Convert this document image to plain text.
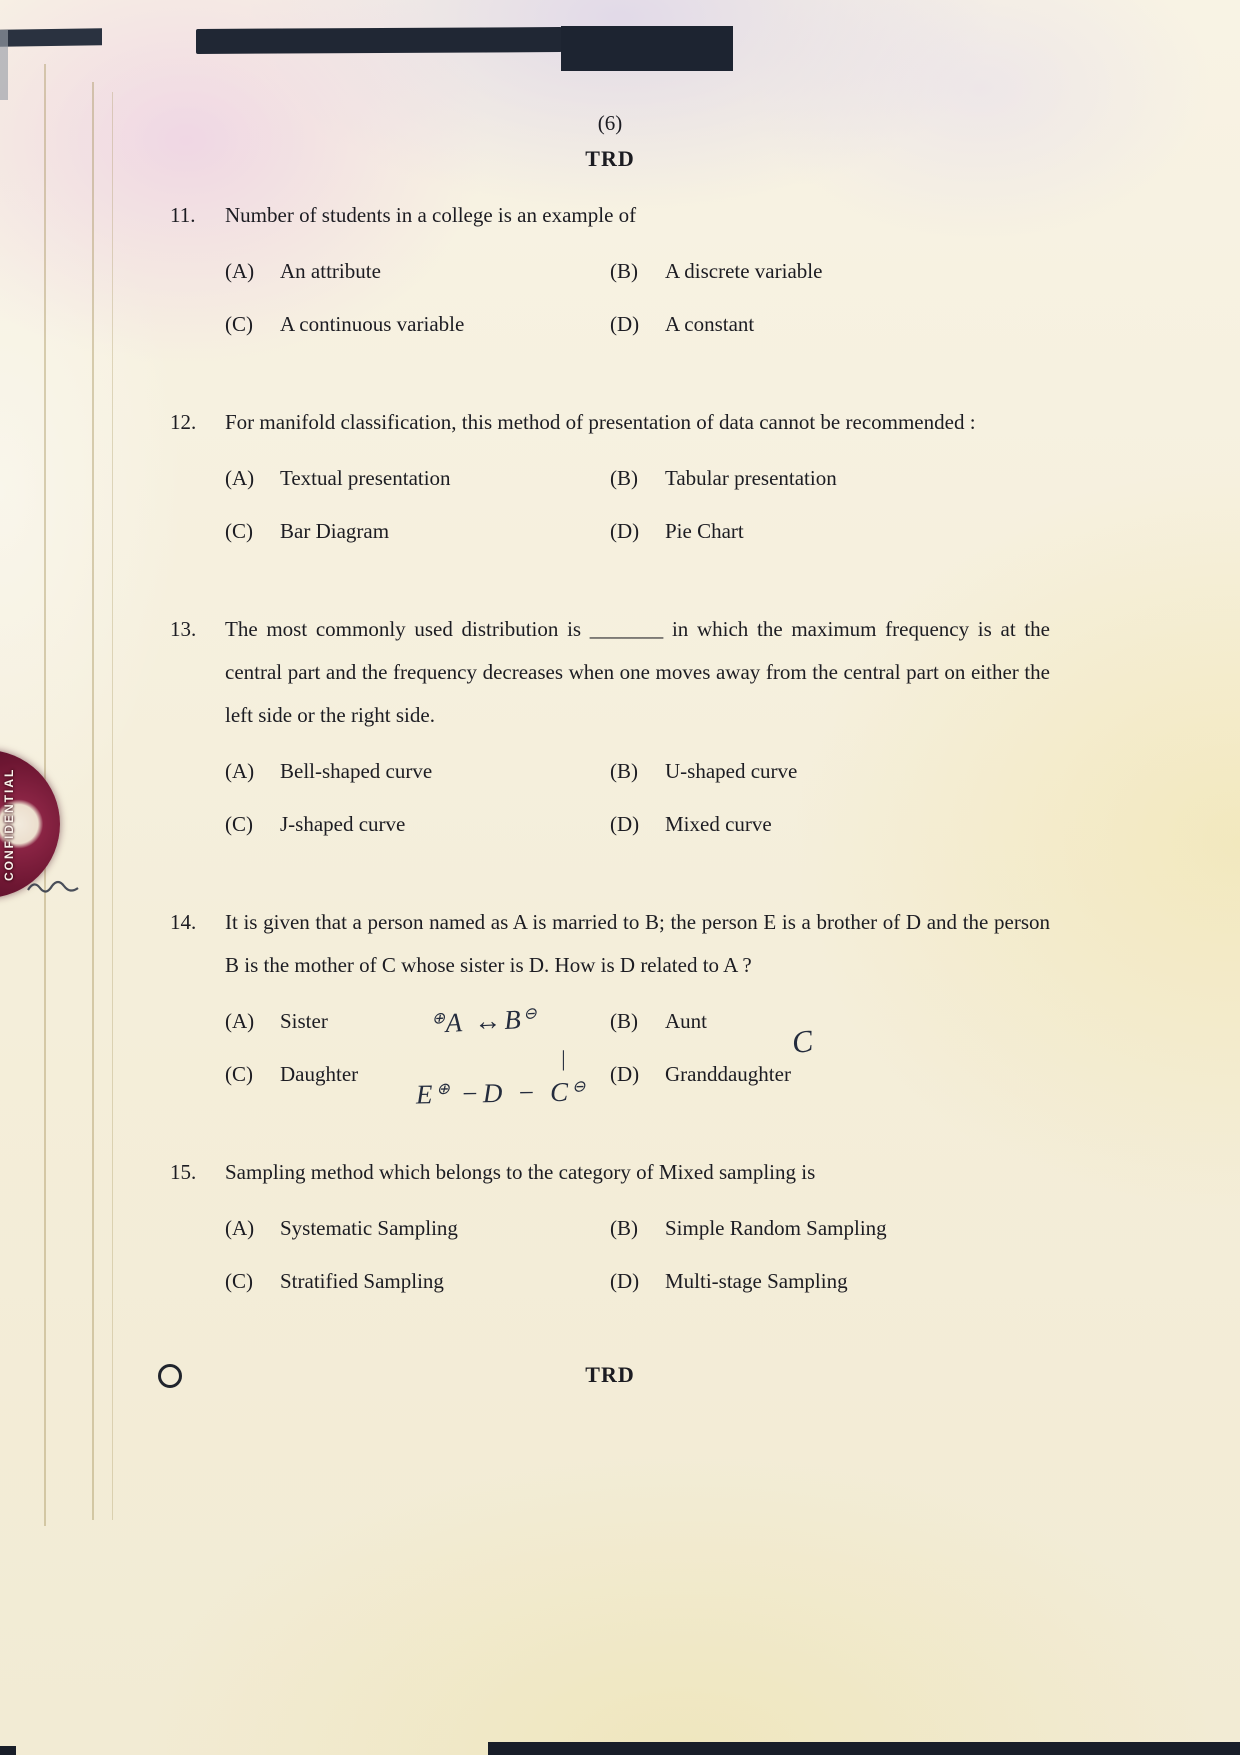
CONFIDENTIAL
(6)
TRD
11.	Number of students in a college is an example of

(A) An attribute	(B) A discrete variable
(C) A continuous variable	(D) A constant
12.	For manifold classification, this method of presentation of data cannot be recommended :

(A) Textual presentation	(B) Tabular presentation
(C) Bar Diagram	(D) Pie Chart
13.	The most commonly used distribution is _______ in which the maximum frequency is at the central part and the frequency decreases when one moves away from the central part on either the left side or the right side.

(A) Bell-shaped curve	(B) U-shaped curve
(C) J-shaped curve	(D) Mixed curve
14.	It is given that a person named as A is married to B; the person E is a brother of D and the person B is the mother of C whose sister is D. How is D related to A ?

(A) Sister	(B) Aunt
(C) Daughter	(D) Granddaughter
15.	Sampling method which belongs to the category of Mixed sampling is

(A) Systematic Sampling	(B) Simple Random Sampling
(C) Stratified Sampling	(D) Multi-stage Sampling
TRD
⊕A ↔B⊖
|
E⊕ −D − C⊖
C
